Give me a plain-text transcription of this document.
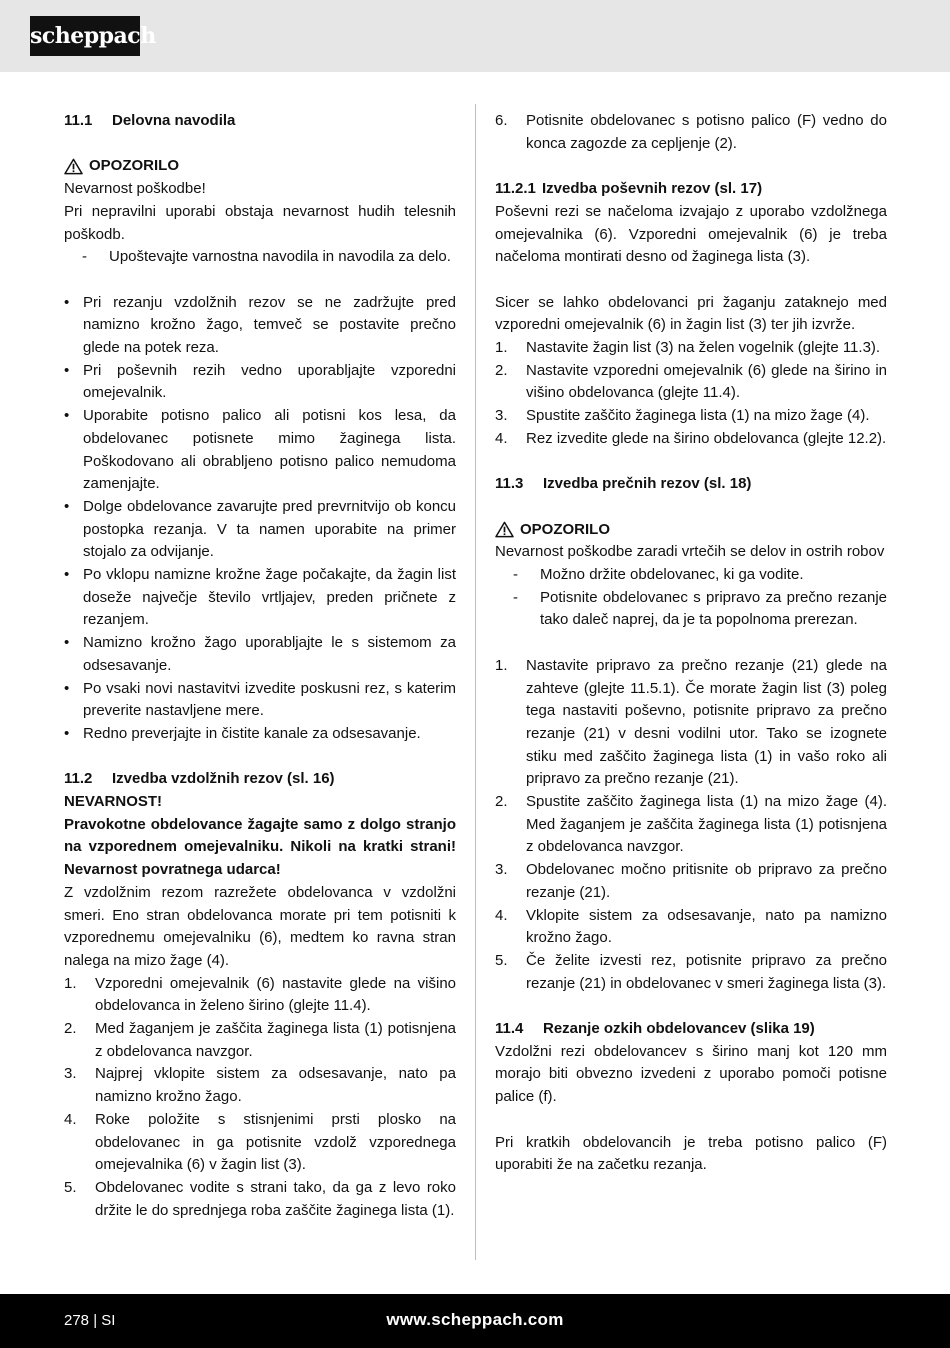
scheppach

11.1 Delovna navodila

OPOZORILO

Nevarnost poškodbe!

Pri nepravilni uporabi obstaja nevarnost hudih telesnih poškodb.

-	Upoštevajte varnostna navodila in navodila za delo.
• Pri rezanju vzdolžnih rezov se ne zadržujte pred namizno krožno žago, temveč se postavite prečno glede na potek reza.
• Pri poševnih rezih vedno uporabljajte vzporedni omejevalnik.
• Uporabite potisno palico ali potisni kos lesa, da obdelovanec potisnete mimo žaginega lista. Poškodovano ali obrabljeno potisno palico nemudoma zamenjajte.
• Dolge obdelovance zavarujte pred prevrnitvijo ob koncu postopka rezanja. V ta namen uporabite na primer stojalo za odvijanje.
• Po vklopu namizne krožne žage počakajte, da žagin list doseže največje število vrtljajev, preden pričnete z rezanjem.
• Namizno krožno žago uporabljajte le s sistemom za odsesavanje.
• Po vsaki novi nastavitvi izvedite poskusni rez, s katerim preverite nastavljene mere.
• Redno preverjajte in čistite kanale za odsesavanje.

11.2 Izvedba vzdolžnih rezov (sl. 16)

NEVARNOST!

Pravokotne obdelovance žagajte samo z dolgo stranjo na vzporednem omejevalniku. Nikoli na kratki strani! Nevarnost povratnega udarca!

Z vzdolžnim rezom razrežete obdelovanca v vzdolžni smeri. Eno stran obdelovanca morate pri tem potisniti k vzporednemu omejevalniku (6), medtem ko ravna stran nalega na mizo žage (4).

1.	Vzporedni omejevalnik (6) nastavite glede na višino obdelovanca in želeno širino (glejte 11.4).
2.	Med žaganjem je zaščita žaginega lista (1) potisnjena z obdelovanca navzgor.
3.	Najprej vklopite sistem za odsesavanje, nato pa namizno krožno žago.
4.	Roke položite s stisnjenimi prsti plosko na obdelovanec in ga potisnite vzdolž vzporednega omejevalnika (6) v žagin list (3).
5.	Obdelovanec vodite s strani tako, da ga z levo roko držite le do sprednjega roba zaščite žaginega lista (1).
6.	Potisnite obdelovanec s potisno palico (F) vedno do konca zagozde za cepljenje (2).

11.2.1 Izvedba poševnih rezov (sl. 17)

Poševni rezi se načeloma izvajajo z uporabo vzdolžnega omejevalnika (6). Vzporedni omejevalnik (6) je treba načeloma montirati desno od žaginega lista (3).

Sicer se lahko obdelovanci pri žaganju zataknejo med vzporedni omejevalnik (6) in žagin list (3) ter jih izvrže.

1.	Nastavite žagin list (3) na želen vogelnik (glejte 11.3).
2.	Nastavite vzporedni omejevalnik (6) glede na širino in višino obdelovanca (glejte 11.4).
3.	Spustite zaščito žaginega lista (1) na mizo žage (4).
4.	Rez izvedite glede na širino obdelovanca (glejte 12.2).

11.3 Izvedba prečnih rezov (sl. 18)

OPOZORILO

Nevarnost poškodbe zaradi vrtečih se delov in ostrih robov

-	Možno držite obdelovanec, ki ga vodite.
-	Potisnite obdelovanec s pripravo za prečno rezanje tako daleč naprej, da je ta popolnoma prerezan.
1.	Nastavite pripravo za prečno rezanje (21) glede na zahteve (glejte 11.5.1). Če morate žagin list (3) poleg tega nastaviti poševno, potisnite pripravo za prečno rezanje (21) v desni vodilni utor. Tako se izognete stiku med zaščito žaginega lista (1) in vašo roko ali pripravo za prečno rezanje (21).
2.	Spustite zaščito žaginega lista (1) na mizo žage (4). Med žaganjem je zaščita žaginega lista (1) potisnjena z obdelovanca navzgor.
3.	Obdelovanec močno pritisnite ob pripravo za prečno rezanje (21).
4.	Vklopite sistem za odsesavanje, nato pa namizno krožno žago.
5.	Če želite izvesti rez, potisnite pripravo za prečno rezanje (21) in obdelovanec v smeri žaginega lista (3).

11.4 Rezanje ozkih obdelovancev (slika 19)

Vzdolžni rezi obdelovancev s širino manj kot 120 mm morajo biti obvezno izvedeni z uporabo pomoči potisne palice (f).

Pri kratkih obdelovancih je treba potisno palico (F) uporabiti že na začetku rezanja.

278 | SI	www.scheppach.com
